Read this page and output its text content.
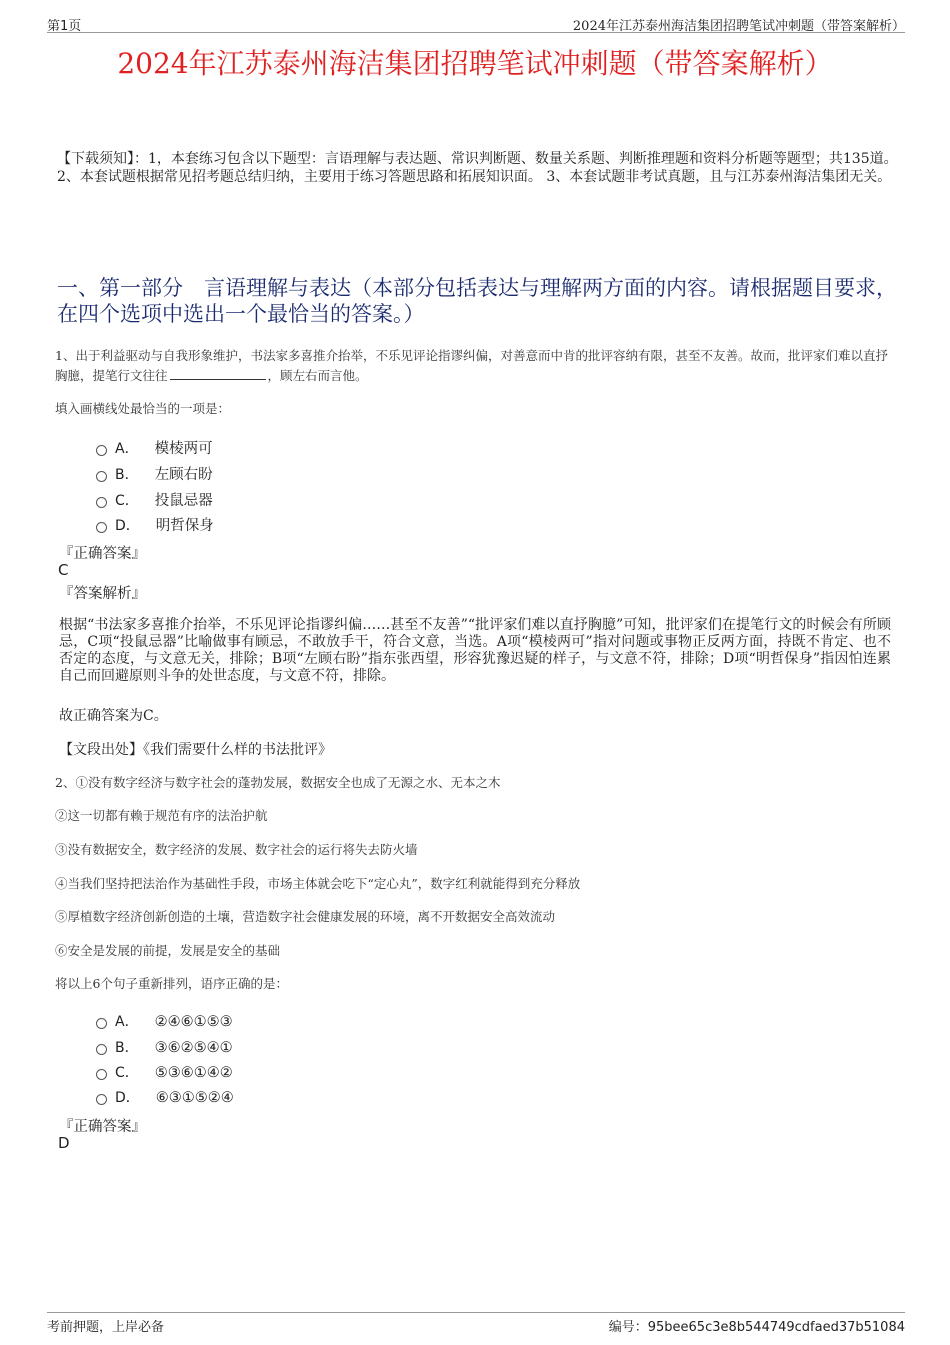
第1页	2024年江苏泰州海洁集团招聘笔试冲刺题（带答案解析）
2024年江苏泰州海洁集团招聘笔试冲刺题（带答案解析）
【下载须知】：1，本套练习包含以下题型：言语理解与表达题、常识判断题、数量关系题、判断推理题和资料分析题等题型；共135道。 2、本套试题根据常见招考题总结归纳，主要用于练习答题思路和拓展知识面。 3、本套试题非考试真题，且与江苏泰州海洁集团无关。
一、第一部分　言语理解与表达（本部分包括表达与理解两方面的内容。请根据题目要求，在四个选项中选出一个最恰当的答案。）
1、出于利益驱动与自我形象维护，书法家多喜推介抬举，不乐见评论指谬纠偏，对善意而中肯的批评容纳有限，甚至不友善。故而，批评家们难以直抒胸臆，提笔行文往往	，顾左右而言他。
填入画横线处最恰当的一项是：
A． 模棱两可
B． 左顾右盼
C． 投鼠忌器
D． 明哲保身
『正确答案』
C
『答案解析』
根据“书法家多喜推介抬举，不乐见评论指谬纠偏……甚至不友善”“批评家们难以直抒胸臆”可知，批评家们在提笔行文的时候会有所顾忌，C项“投鼠忌器”比喻做事有顾忌，不敢放手干，符合文意，当选。A项“模棱两可”指对问题或事物正反两方面，持既不肯定、也不否定的态度，与文意无关，排除；B项“左顾右盼”指东张西望，形容犹豫迟疑的样子，与文意不符，排除；D项“明哲保身”指因怕连累自己而回避原则斗争的处世态度，与文意不符，排除。
故正确答案为C。
【文段出处】《我们需要什么样的书法批评》
2、①没有数字经济与数字社会的蓬勃发展，数据安全也成了无源之水、无本之木
②这一切都有赖于规范有序的法治护航
③没有数据安全，数字经济的发展、数字社会的运行将失去防火墙
④当我们坚持把法治作为基础性手段，市场主体就会吃下“定心丸”，数字红利就能得到充分释放
⑤厚植数字经济创新创造的土壤，营造数字社会健康发展的环境，离不开数据安全高效流动
⑥安全是发展的前提，发展是安全的基础
将以上6个句子重新排列，语序正确的是：
A． ②④⑥①⑤③
B． ③⑥②⑤④①
C． ⑤③⑥①④②
D． ⑥③①⑤②④
『正确答案』
D
考前押题，上岸必备	编号：95bee65c3e8b544749cdfaed37b51084
